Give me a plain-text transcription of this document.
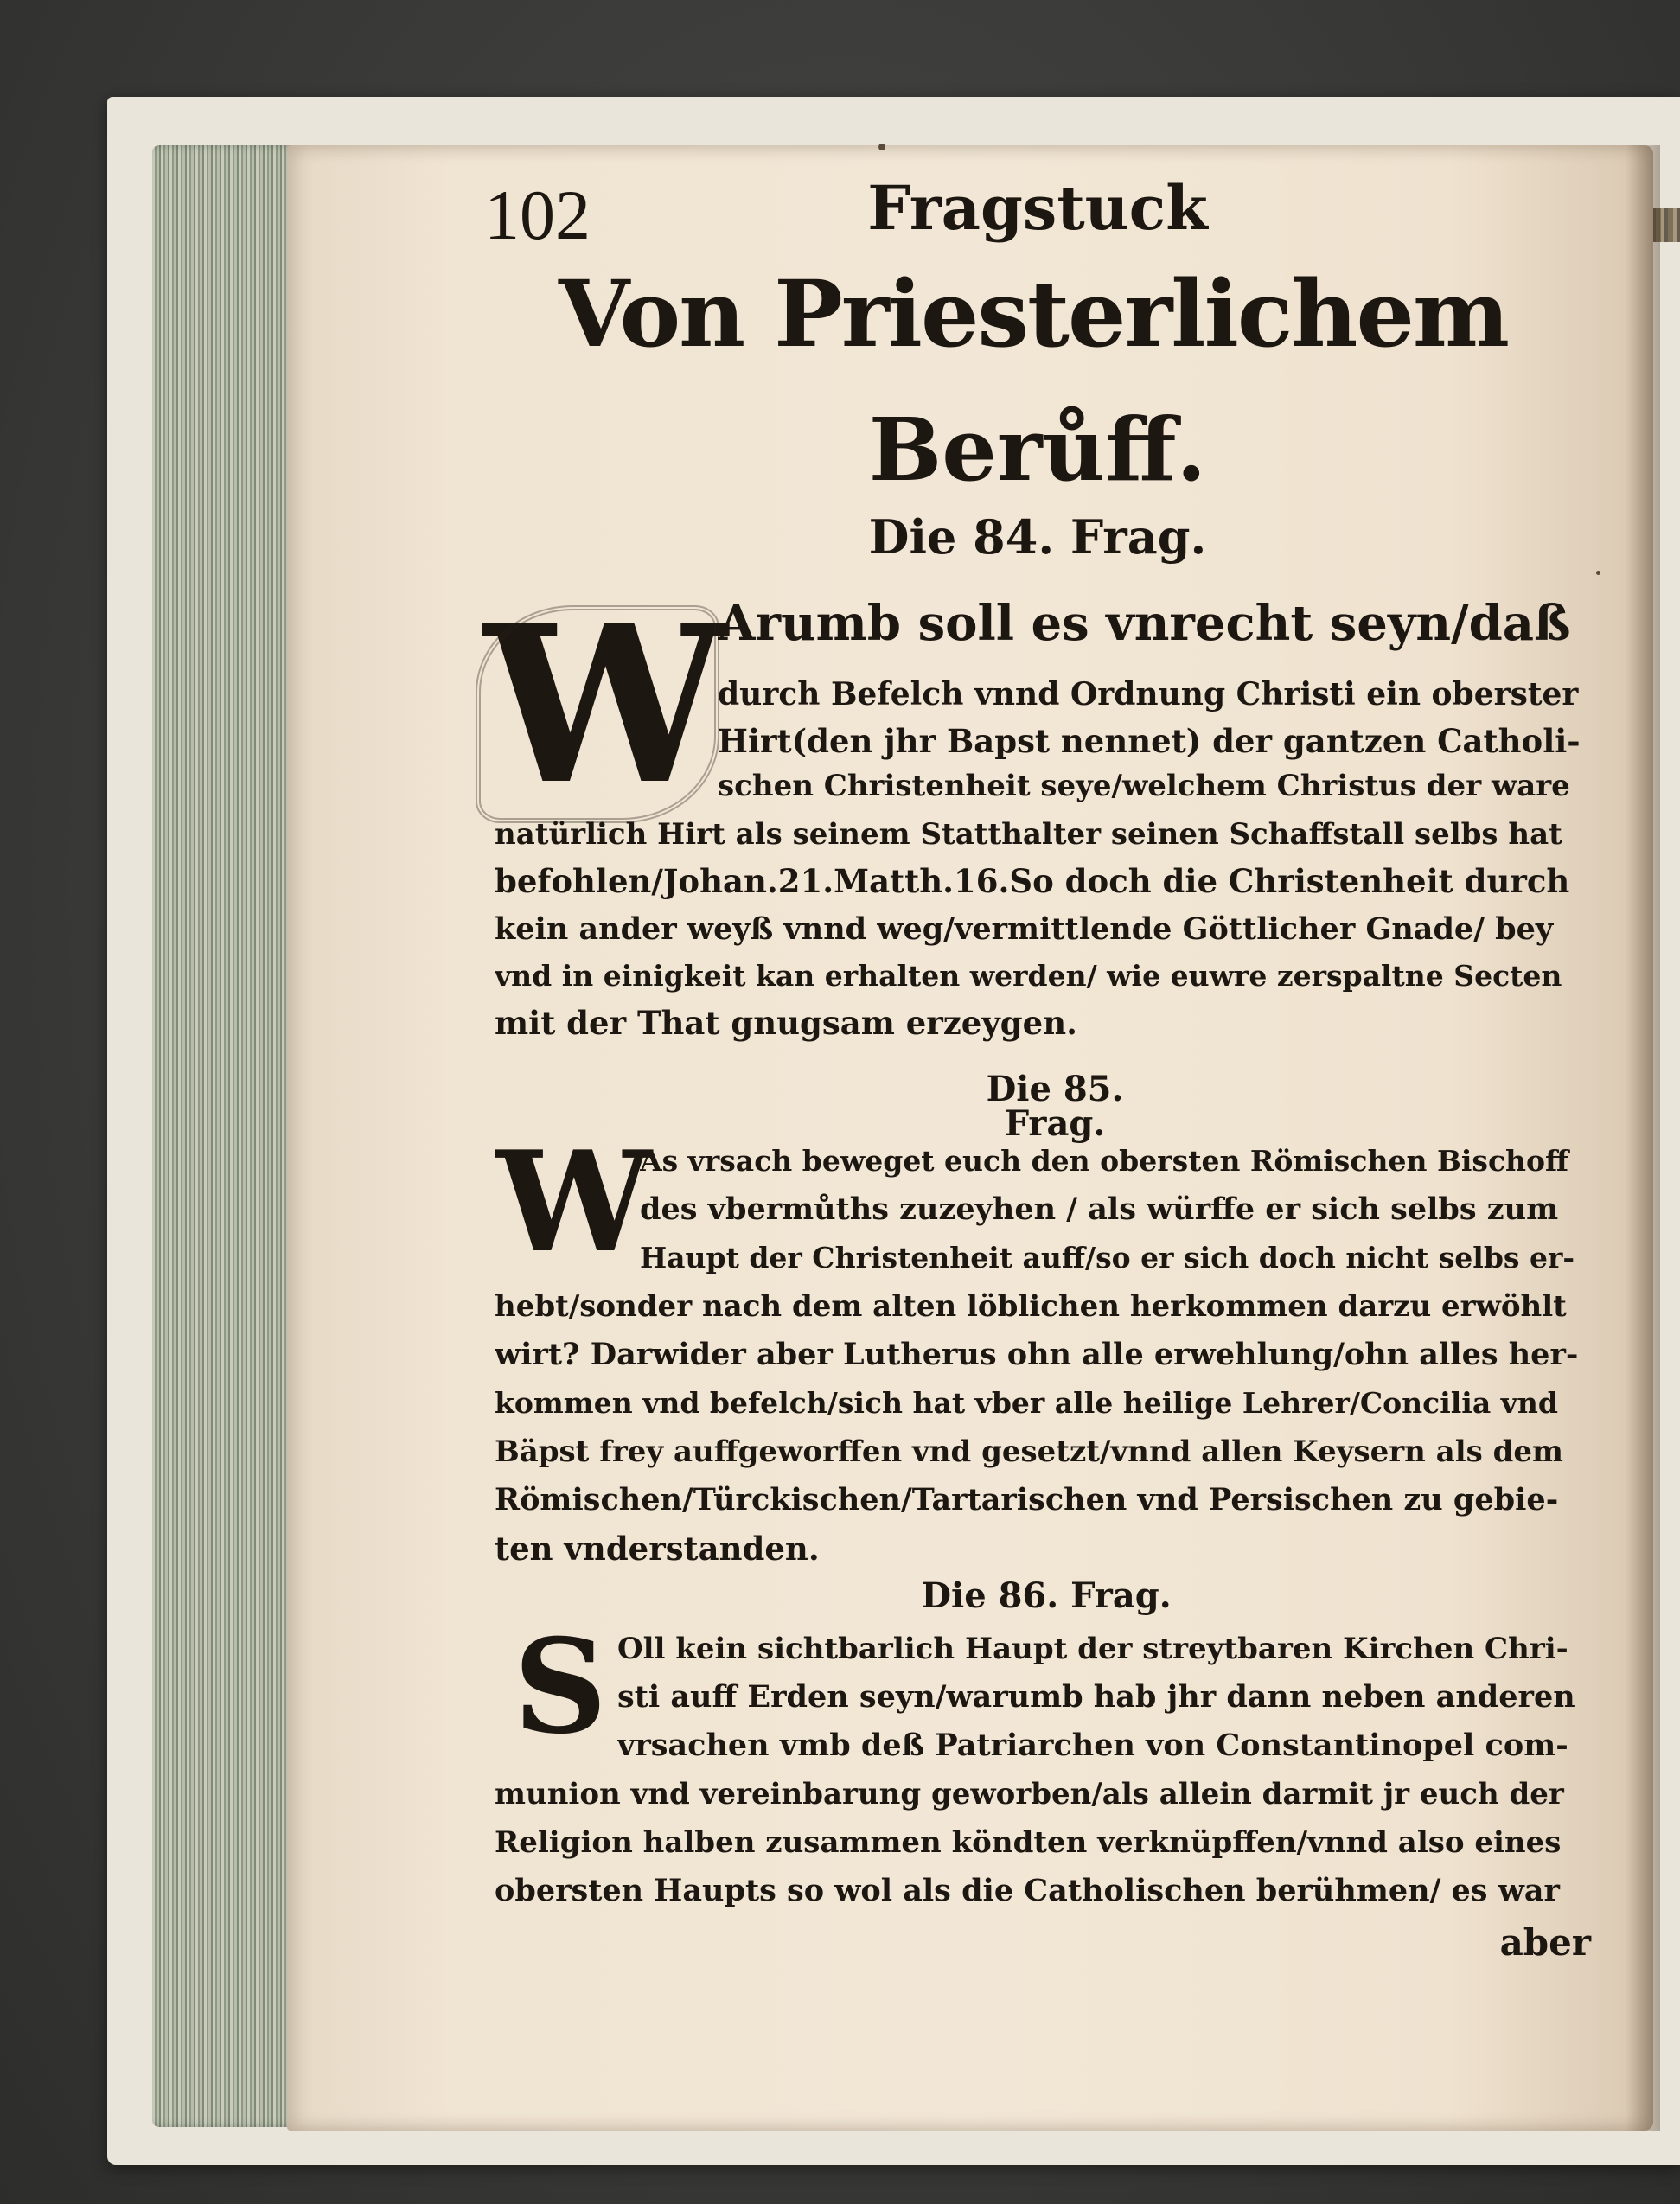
102	Fragstuck
Von Priesterlichem
Berůff.
Die 84. Frag.
W
Arumb soll es vnrecht seyn/daß
durch Befelch vnnd Ordnung Christi ein oberster
Hirt(den jhr Bapst nennet) der gantzen Catholi-
schen Christenheit seye/welchem Christus der ware
natürlich Hirt als seinem Statthalter seinen Schaffstall selbs hat
befohlen/Johan.21.Matth.16.So doch die Christenheit durch
kein ander weyß vnnd weg/vermittlende Göttlicher Gnade/ bey
vnd in einigkeit kan erhalten werden/ wie euwre zerspaltne Secten
mit der That gnugsam erzeygen.
Die 85. Frag.
W
As vrsach beweget euch den obersten Römischen Bischoff
des vbermůths zuzeyhen / als würffe er sich selbs zum
Haupt der Christenheit auff/so er sich doch nicht selbs er-
hebt/sonder nach dem alten löblichen herkommen darzu erwöhlt
wirt? Darwider aber Lutherus ohn alle erwehlung/ohn alles her-
kommen vnd befelch/sich hat vber alle heilige Lehrer/Concilia vnd
Bäpst frey auffgeworffen vnd gesetzt/vnnd allen Keysern als dem
Römischen/Türckischen/Tartarischen vnd Persischen zu gebie-
ten vnderstanden.
Die 86. Frag.
S Oll kein sichtbarlich Haupt der streytbaren Kirchen Chri-
sti auff Erden seyn/warumb hab jhr dann neben anderen
vrsachen vmb deß Patriarchen von Constantinopel com-
munion vnd vereinbarung geworben/als allein darmit jr euch der
Religion halben zusammen köndten verknüpffen/vnnd also eines
obersten Haupts so wol als die Catholischen berühmen/ es war
aber
